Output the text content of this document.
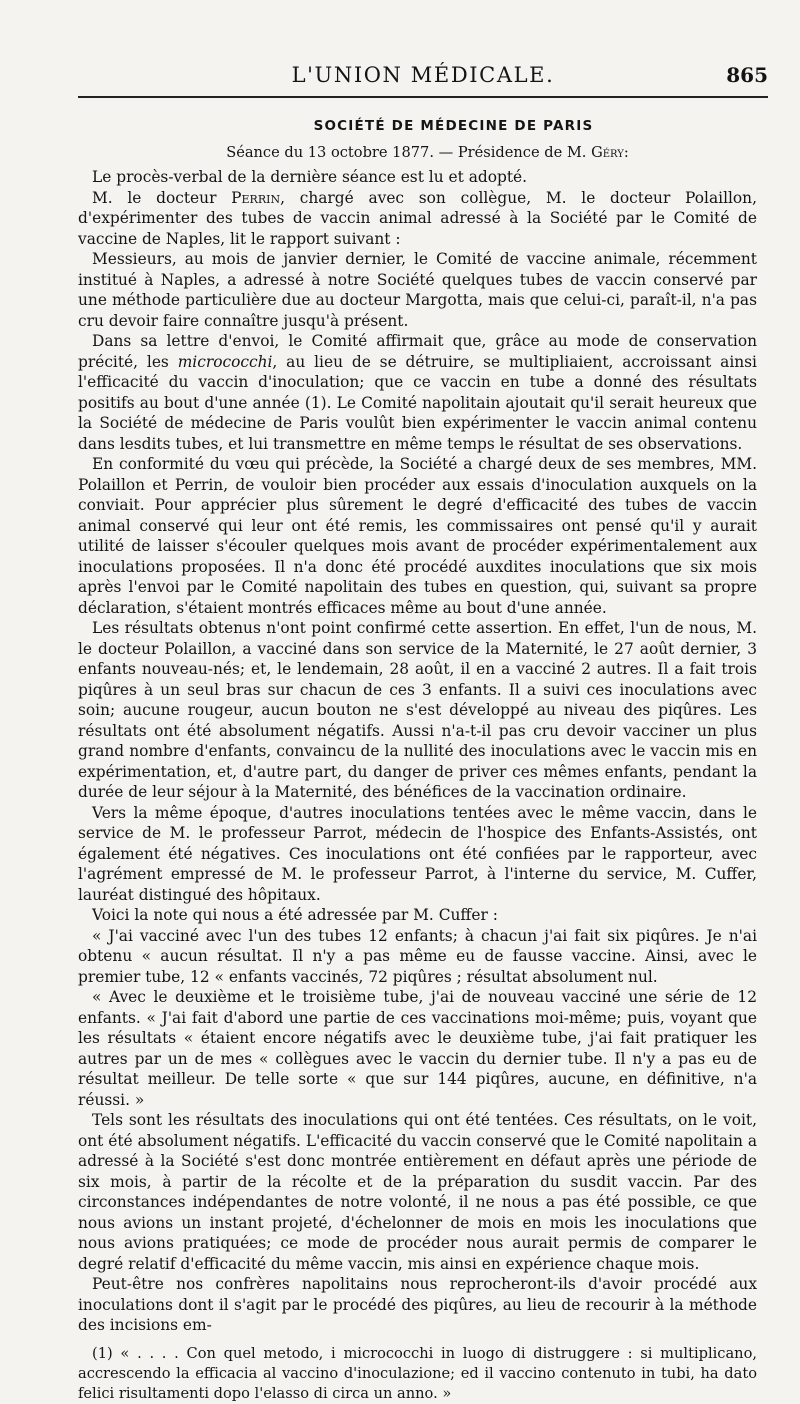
L'UNION MÉDICALE.	865
SOCIÉTÉ DE MÉDECINE DE PARIS
Séance du 13 octobre 1877. — Présidence de M. Géry:

Le procès-verbal de la dernière séance est lu et adopté.

M. le docteur Perrin, chargé avec son collègue, M. le docteur Polaillon, d'expérimenter des tubes de vaccin animal adressé à la Société par le Comité de vaccine de Naples, lit le rapport suivant :

Messieurs, au mois de janvier dernier, le Comité de vaccine animale, récemment institué à Naples, a adressé à notre Société quelques tubes de vaccin conservé par une méthode particulière due au docteur Margotta, mais que celui-ci, paraît-il, n'a pas cru devoir faire connaître jusqu'à présent.

Dans sa lettre d'envoi, le Comité affirmait que, grâce au mode de conservation précité, les micrococchi, au lieu de se détruire, se multipliaient, accroissant ainsi l'efficacité du vaccin d'inoculation; que ce vaccin en tube a donné des résultats positifs au bout d'une année (1). Le Comité napolitain ajoutait qu'il serait heureux que la Société de médecine de Paris voulût bien expérimenter le vaccin animal contenu dans lesdits tubes, et lui transmettre en même temps le résultat de ses observations.

En conformité du vœu qui précède, la Société a chargé deux de ses membres, MM. Polaillon et Perrin, de vouloir bien procéder aux essais d'inoculation auxquels on la conviait. Pour apprécier plus sûrement le degré d'efficacité des tubes de vaccin animal conservé qui leur ont été remis, les commissaires ont pensé qu'il y aurait utilité de laisser s'écouler quelques mois avant de procéder expérimentalement aux inoculations proposées. Il n'a donc été procédé auxdites inoculations que six mois après l'envoi par le Comité napolitain des tubes en question, qui, suivant sa propre déclaration, s'étaient montrés efficaces même au bout d'une année.

Les résultats obtenus n'ont point confirmé cette assertion. En effet, l'un de nous, M. le docteur Polaillon, a vacciné dans son service de la Maternité, le 27 août dernier, 3 enfants nouveau-nés; et, le lendemain, 28 août, il en a vacciné 2 autres. Il a fait trois piqûres à un seul bras sur chacun de ces 3 enfants. Il a suivi ces inoculations avec soin; aucune rougeur, aucun bouton ne s'est développé au niveau des piqûres. Les résultats ont été absolument négatifs. Aussi n'a-t-il pas cru devoir vacciner un plus grand nombre d'enfants, convaincu de la nullité des inoculations avec le vaccin mis en expérimentation, et, d'autre part, du danger de priver ces mêmes enfants, pendant la durée de leur séjour à la Maternité, des bénéfices de la vaccination ordinaire.

Vers la même époque, d'autres inoculations tentées avec le même vaccin, dans le service de M. le professeur Parrot, médecin de l'hospice des Enfants-Assistés, ont également été négatives. Ces inoculations ont été confiées par le rapporteur, avec l'agrément empressé de M. le professeur Parrot, à l'interne du service, M. Cuffer, lauréat distingué des hôpitaux.

Voici la note qui nous a été adressée par M. Cuffer :

« J'ai vacciné avec l'un des tubes 12 enfants; à chacun j'ai fait six piqûres. Je n'ai obtenu « aucun résultat. Il n'y a pas même eu de fausse vaccine. Ainsi, avec le premier tube, 12 « enfants vaccinés, 72 piqûres ; résultat absolument nul.

« Avec le deuxième et le troisième tube, j'ai de nouveau vacciné une série de 12 enfants. « J'ai fait d'abord une partie de ces vaccinations moi-même; puis, voyant que les résultats « étaient encore négatifs avec le deuxième tube, j'ai fait pratiquer les autres par un de mes « collègues avec le vaccin du dernier tube. Il n'y a pas eu de résultat meilleur. De telle sorte « que sur 144 piqûres, aucune, en définitive, n'a réussi. »

Tels sont les résultats des inoculations qui ont été tentées. Ces résultats, on le voit, ont été absolument négatifs. L'efficacité du vaccin conservé que le Comité napolitain a adressé à la Société s'est donc montrée entièrement en défaut après une période de six mois, à partir de la récolte et de la préparation du susdit vaccin. Par des circonstances indépendantes de notre volonté, il ne nous a pas été possible, ce que nous avions un instant projeté, d'échelonner de mois en mois les inoculations que nous avions pratiquées; ce mode de procéder nous aurait permis de comparer le degré relatif d'efficacité du même vaccin, mis ainsi en expérience chaque mois.

Peut-être nos confrères napolitains nous reprocheront-ils d'avoir procédé aux inoculations dont il s'agit par le procédé des piqûres, au lieu de recourir à la méthode des incisions em-

(1) « . . . . Con quel metodo, i micrococchi in luogo di distruggere : si multiplicano, accrescendo la efficacia al vaccino d'inoculazione; ed il vaccino contenuto in tubi, ha dato felici risultamenti dopo l'elasso di circa un anno. »
